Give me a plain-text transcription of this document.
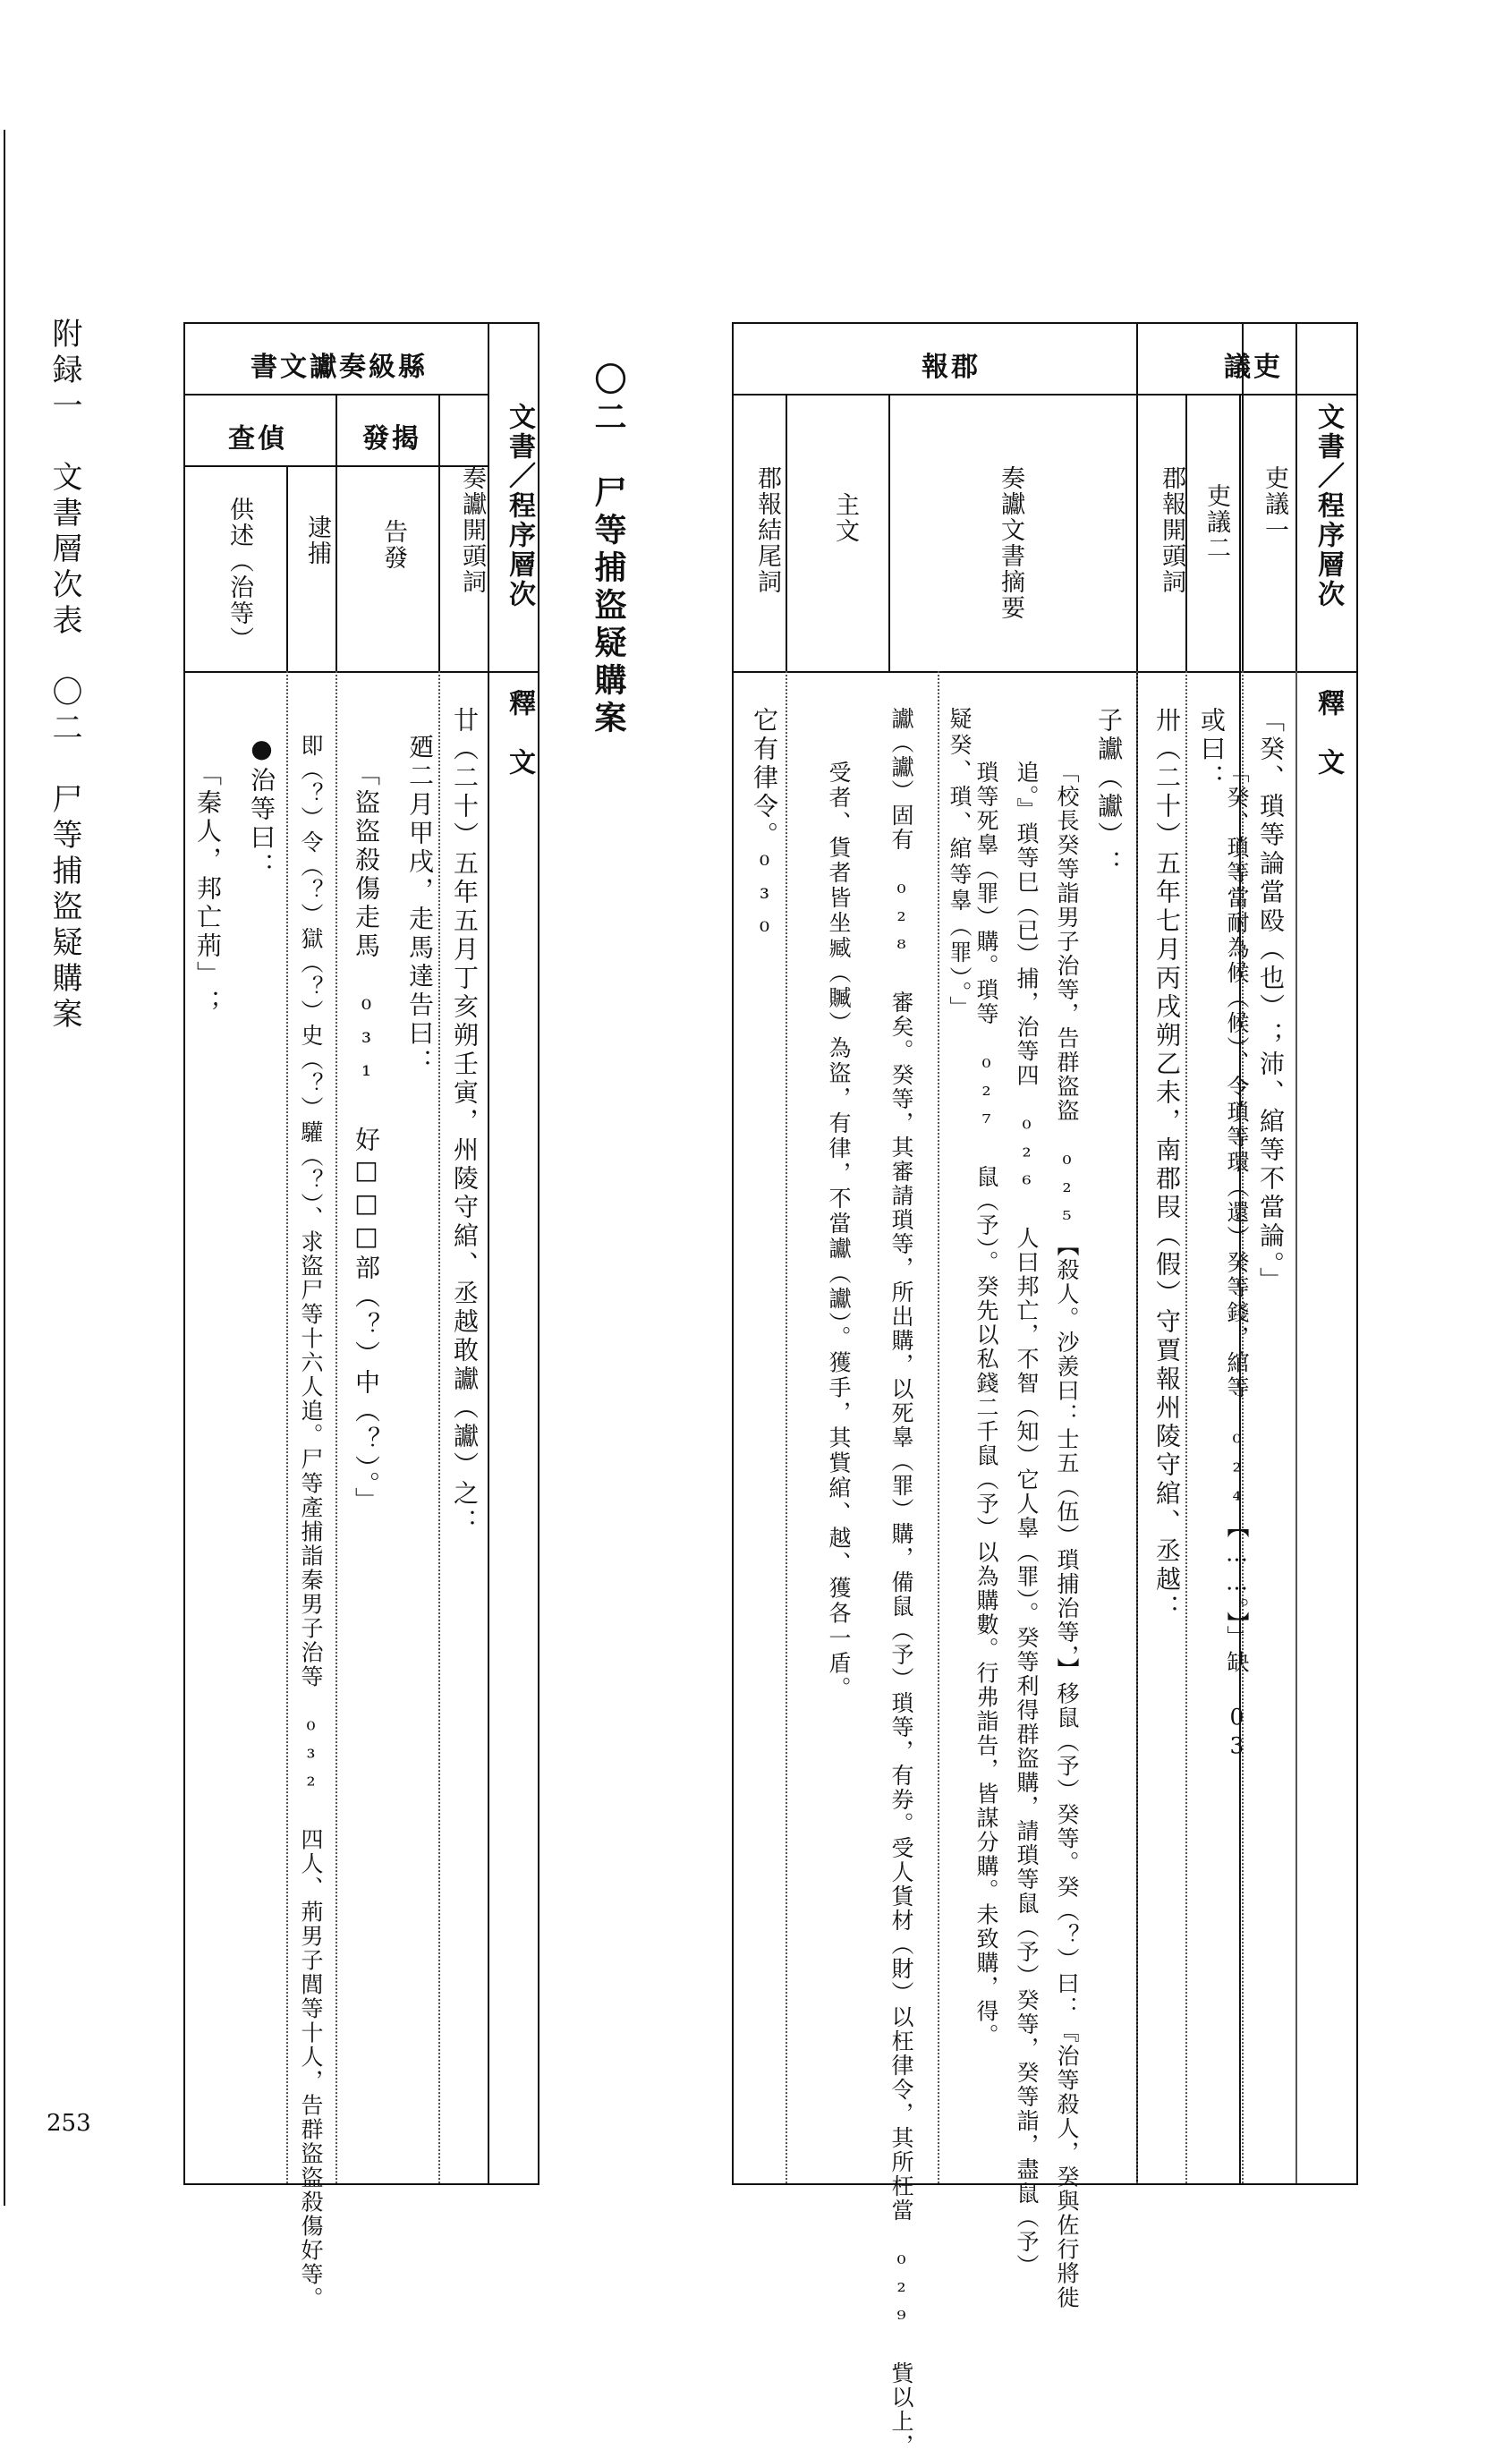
附録一　文書層次表　〇二　尸等捕盜疑購案
253
〇二　尸等捕盜疑購案	文書／程序層次
釋　文
議吏
報郡
吏議一
吏議二
郡報開頭詞
奏讞文書摘要
主文
郡報結尾詞
「癸、瑣等論當殴（也）；沛、綰等不當論。」
或曰：
「癸、瑣等當耐為候（候）、令瑣等環（還）癸等錢，綰等 ⁰²⁴【……。】」缺 03
卅（二十）五年七月丙戌朔乙未，南郡叚（假）守賈報州陵守綰、丞越：
子讞（讞）：
「校長癸等詣男子治等，告群盜盜 ⁰²⁵【殺人。沙羨曰：士五（伍）瑣捕治等，】移鼠（予）癸等。癸（？）曰：『治等殺人，癸與佐行將徙
追。』瑣等巳（已）捕，治等四 ⁰²⁶ 人曰邦亡，不智（知）它人辠（罪）。癸等利得群盜購，請瑣等鼠（予）癸等，癸等詣，盡鼠（予）
瑣等死辠（罪）購。瑣等 ⁰²⁷ 鼠（予）。癸先以私錢二千鼠（予）以為購數。行弗詣告，皆謀分購。未致購，得。
疑癸、瑣、綰等辠（罪）。」
讞（讞）固有 ⁰²⁸ 審矣。癸等，其審請瑣等，所出購，以死辠（罪）購，備鼠（予）瑣等，有券。受人貨材（財）以枉律令，其所枉當 ⁰²⁹ 貲以上，
受者、貨者皆坐臧（贓）為盜，有律，不當讞（讞）。獲手，其貲綰、越、獲各一盾。
它有律令。⁰³⁰
文書／程序層次
釋　文
書文讞奏級縣
發揭
查偵
奏讞開頭詞
告發
逮捕
供述（治等）
廿（二十）五年五月丁亥朔壬寅，州陵守綰、丞越敢讞（讞）之：
廼二月甲戌，走馬達告曰：
「盜盜殺傷走馬 ⁰³¹ 好□□□部（？）中（？）。」
即（？）令（？）獄（？）史（？）驩（？）、求盜尸等十六人追。尸等產捕詣秦男子治等 ⁰³² 四人、荊男子閭等十人，告群盜盜殺傷好等。
●治等曰：
「秦人，邦亡荊」；
